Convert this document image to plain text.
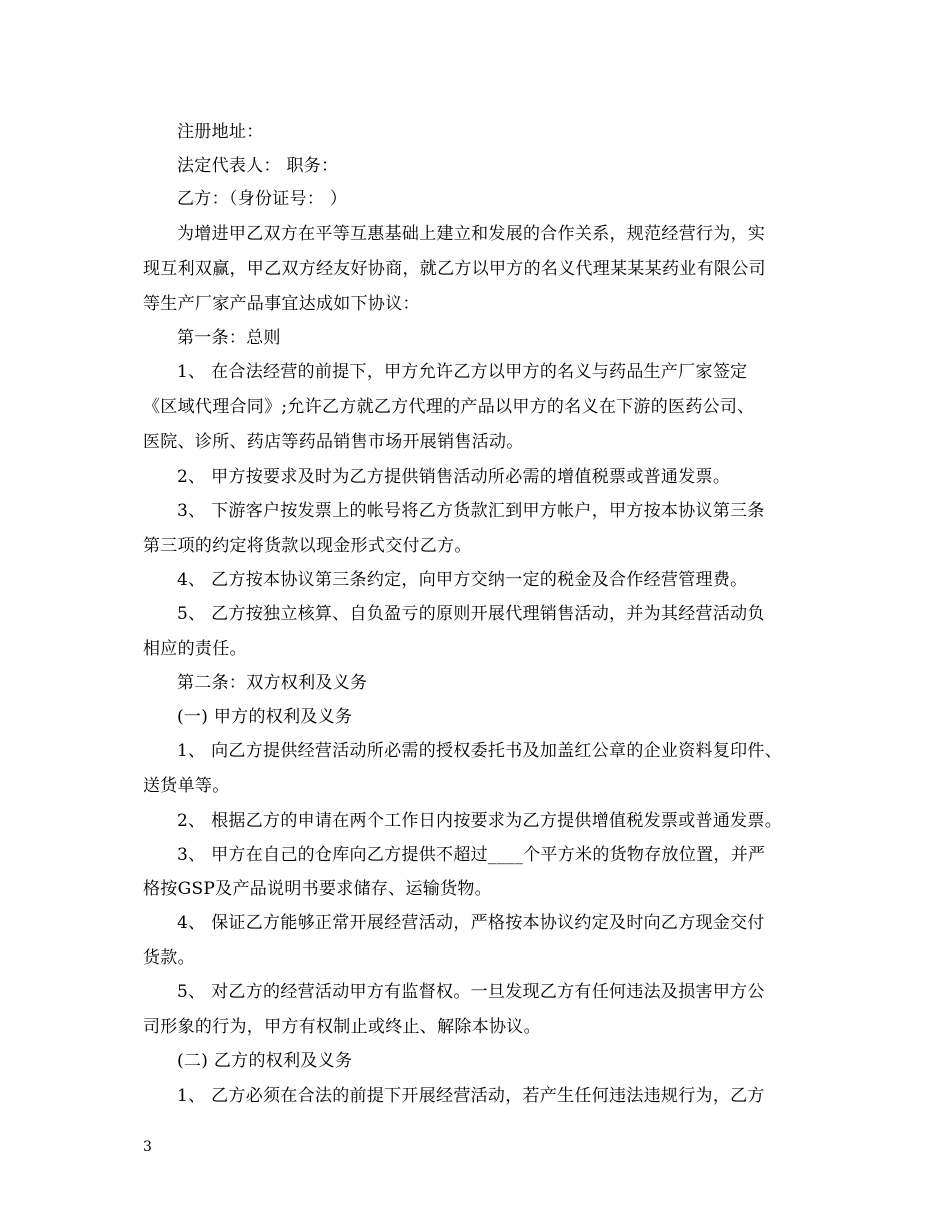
注册地址：
法定代表人： 职务：
乙方：（身份证号： ）
为增进甲乙双方在平等互惠基础上建立和发展的合作关系，规范经营行为，实
现互利双赢，甲乙双方经友好协商，就乙方以甲方的名义代理某某某药业有限公司
等生产厂家产品事宜达成如下协议：
第一条：总则
1、 在合法经营的前提下，甲方允许乙方以甲方的名义与药品生产厂家签定
《区域代理合同》;允许乙方就乙方代理的产品以甲方的名义在下游的医药公司、
医院、诊所、药店等药品销售市场开展销售活动。
2、 甲方按要求及时为乙方提供销售活动所必需的增值税票或普通发票。
3、 下游客户按发票上的帐号将乙方货款汇到甲方帐户，甲方按本协议第三条
第三项的约定将货款以现金形式交付乙方。
4、 乙方按本协议第三条约定，向甲方交纳一定的税金及合作经营管理费。
5、 乙方按独立核算、自负盈亏的原则开展代理销售活动，并为其经营活动负
相应的责任。
第二条：双方权利及义务
(一) 甲方的权利及义务
1、 向乙方提供经营活动所必需的授权委托书及加盖红公章的企业资料复印件、
送货单等。
2、 根据乙方的申请在两个工作日内按要求为乙方提供增值税发票或普通发票。
3、 甲方在自己的仓库向乙方提供不超过____个平方米的货物存放位置，并严
格按GSP及产品说明书要求储存、运输货物。
4、 保证乙方能够正常开展经营活动，严格按本协议约定及时向乙方现金交付
货款。
5、 对乙方的经营活动甲方有监督权。一旦发现乙方有任何违法及损害甲方公
司形象的行为，甲方有权制止或终止、解除本协议。
(二) 乙方的权利及义务
1、 乙方必须在合法的前提下开展经营活动，若产生任何违法违规行为，乙方
3
